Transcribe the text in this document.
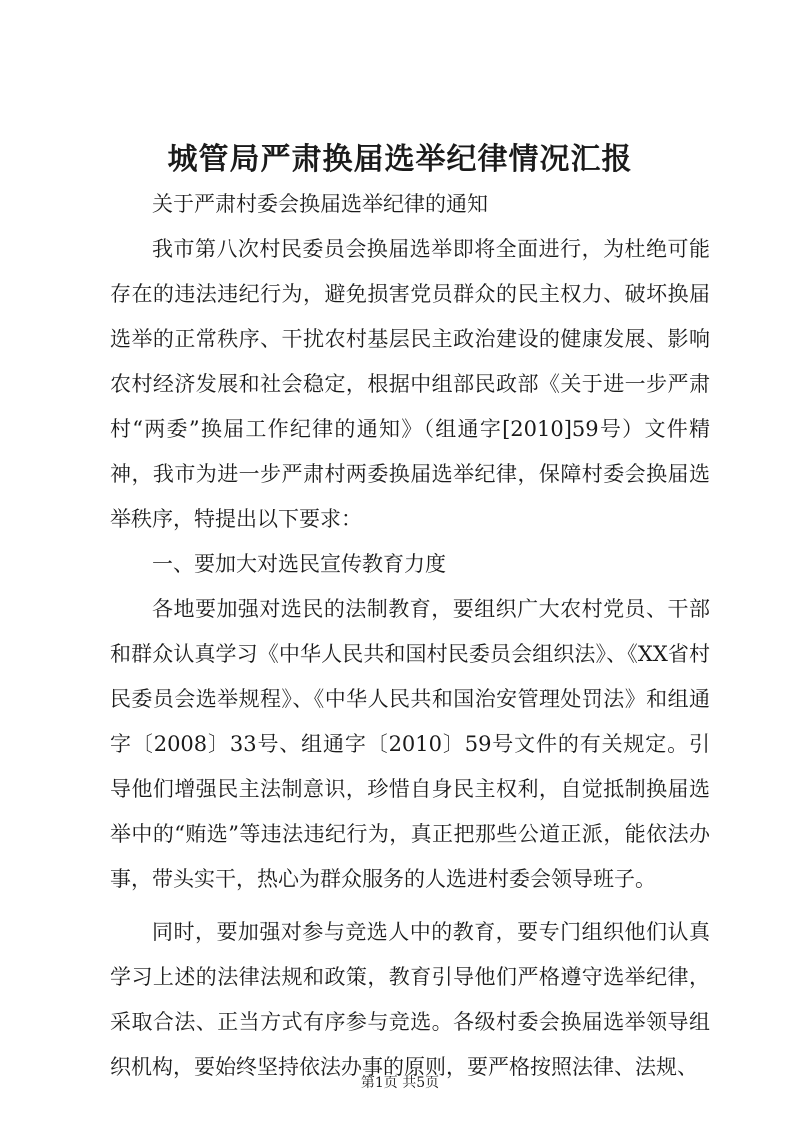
城管局严肃换届选举纪律情况汇报

关于严肃村委会换届选举纪律的通知

我市第八次村民委员会换届选举即将全面进行，为杜绝可能存在的违法违纪行为，避免损害党员群众的民主权力、破坏换届选举的正常秩序、干扰农村基层民主政治建设的健康发展、影响农村经济发展和社会稳定，根据中组部民政部《关于进一步严肃村“两委”换届工作纪律的通知》（组通字[2010]59号）文件精神，我市为进一步严肃村两委换届选举纪律，保障村委会换届选举秩序，特提出以下要求：

一、要加大对选民宣传教育力度

各地要加强对选民的法制教育，要组织广大农村党员、干部和群众认真学习《中华人民共和国村民委员会组织法》、《XX省村民委员会选举规程》、《中华人民共和国治安管理处罚法》和组通字〔2008〕33号、组通字〔2010〕59号文件的有关规定。引导他们增强民主法制意识，珍惜自身民主权利，自觉抵制换届选举中的“贿选”等违法违纪行为，真正把那些公道正派，能依法办事，带头实干，热心为群众服务的人选进村委会领导班子。

同时，要加强对参与竞选人中的教育，要专门组织他们认真学习上述的法律法规和政策，教育引导他们严格遵守选举纪律，采取合法、正当方式有序参与竞选。各级村委会换届选举领导组织机构，要始终坚持依法办事的原则，要严格按照法律、法规、

第1页 共5页
